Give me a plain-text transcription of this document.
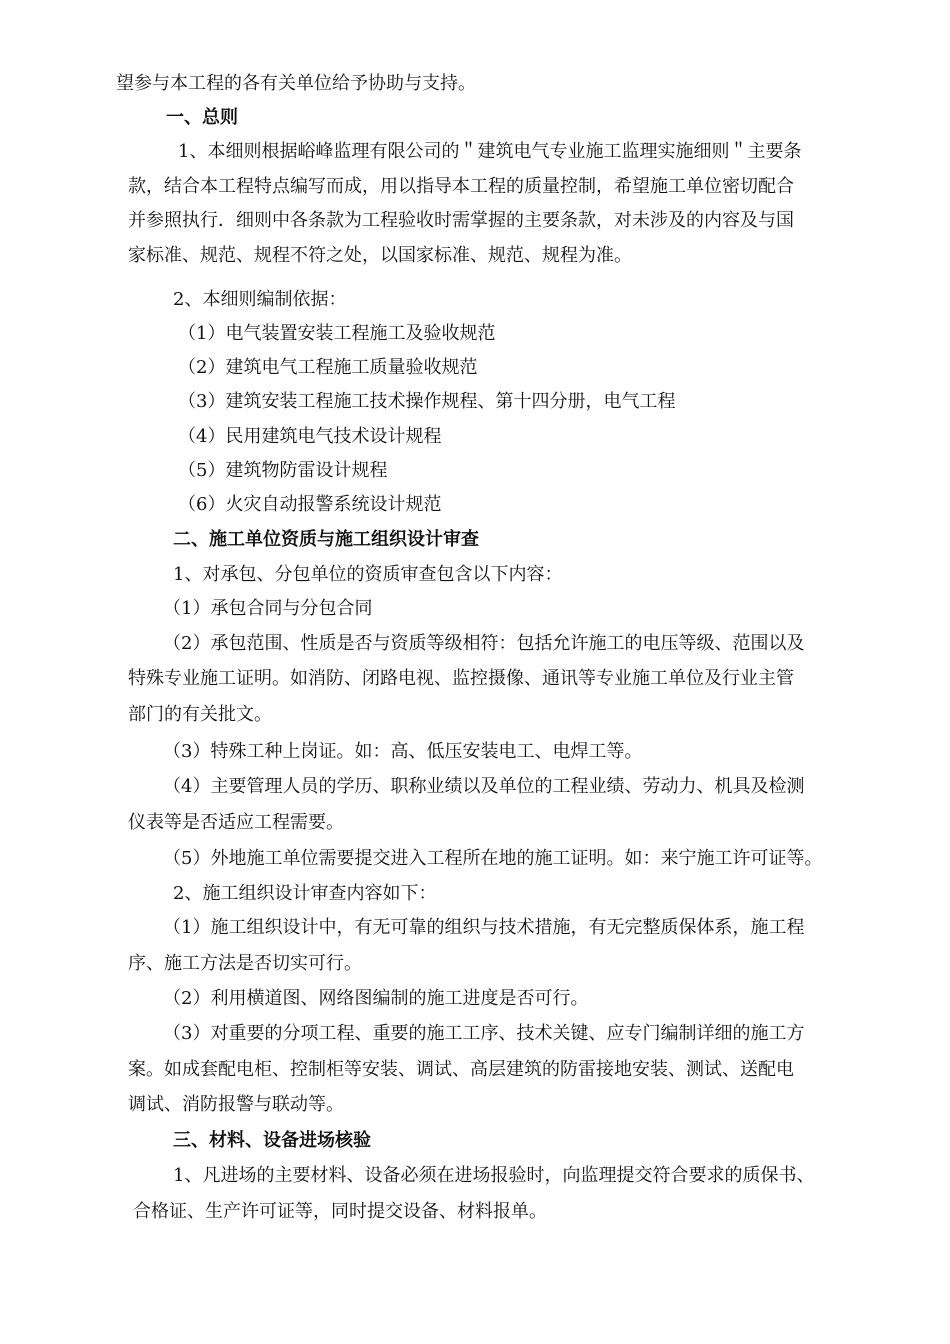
望参与本工程的各有关单位给予协助与支持。
一、总则
1、本细则根据峪峰监理有限公司的＂建筑电气专业施工监理实施细则＂主要条
款，结合本工程特点编写而成，用以指导本工程的质量控制，希望施工单位密切配合
并参照执行．细则中各条款为工程验收时需掌握的主要条款，对未涉及的内容及与国
家标准、规范、规程不符之处，以国家标准、规范、规程为准。
2、本细则编制依据：
（1）电气装置安装工程施工及验收规范
（2）建筑电气工程施工质量验收规范
（3）建筑安装工程施工技术操作规程、第十四分册，电气工程
（4）民用建筑电气技术设计规程
（5）建筑物防雷设计规程
（6）火灾自动报警系统设计规范
二、施工单位资质与施工组织设计审查
1、对承包、分包单位的资质审查包含以下内容：
（1）承包合同与分包合同
（2）承包范围、性质是否与资质等级相符：包括允许施工的电压等级、范围以及
特殊专业施工证明。如消防、闭路电视、监控摄像、通讯等专业施工单位及行业主管
部门的有关批文。
（3）特殊工种上岗证。如：高、低压安装电工、电焊工等。
（4）主要管理人员的学历、职称业绩以及单位的工程业绩、劳动力、机具及检测
仪表等是否适应工程需要。
（5）外地施工单位需要提交进入工程所在地的施工证明。如：来宁施工许可证等。
2、施工组织设计审查内容如下：
（1）施工组织设计中，有无可靠的组织与技术措施，有无完整质保体系，施工程
序、施工方法是否切实可行。
（2）利用横道图、网络图编制的施工进度是否可行。
（3）对重要的分项工程、重要的施工工序、技术关键、应专门编制详细的施工方
案。如成套配电柜、控制柜等安装、调试、高层建筑的防雷接地安装、测试、送配电
调试、消防报警与联动等。
三、材料、设备进场核验
1、凡进场的主要材料、设备必须在进场报验时，向监理提交符合要求的质保书、
合格证、生产许可证等，同时提交设备、材料报单。
